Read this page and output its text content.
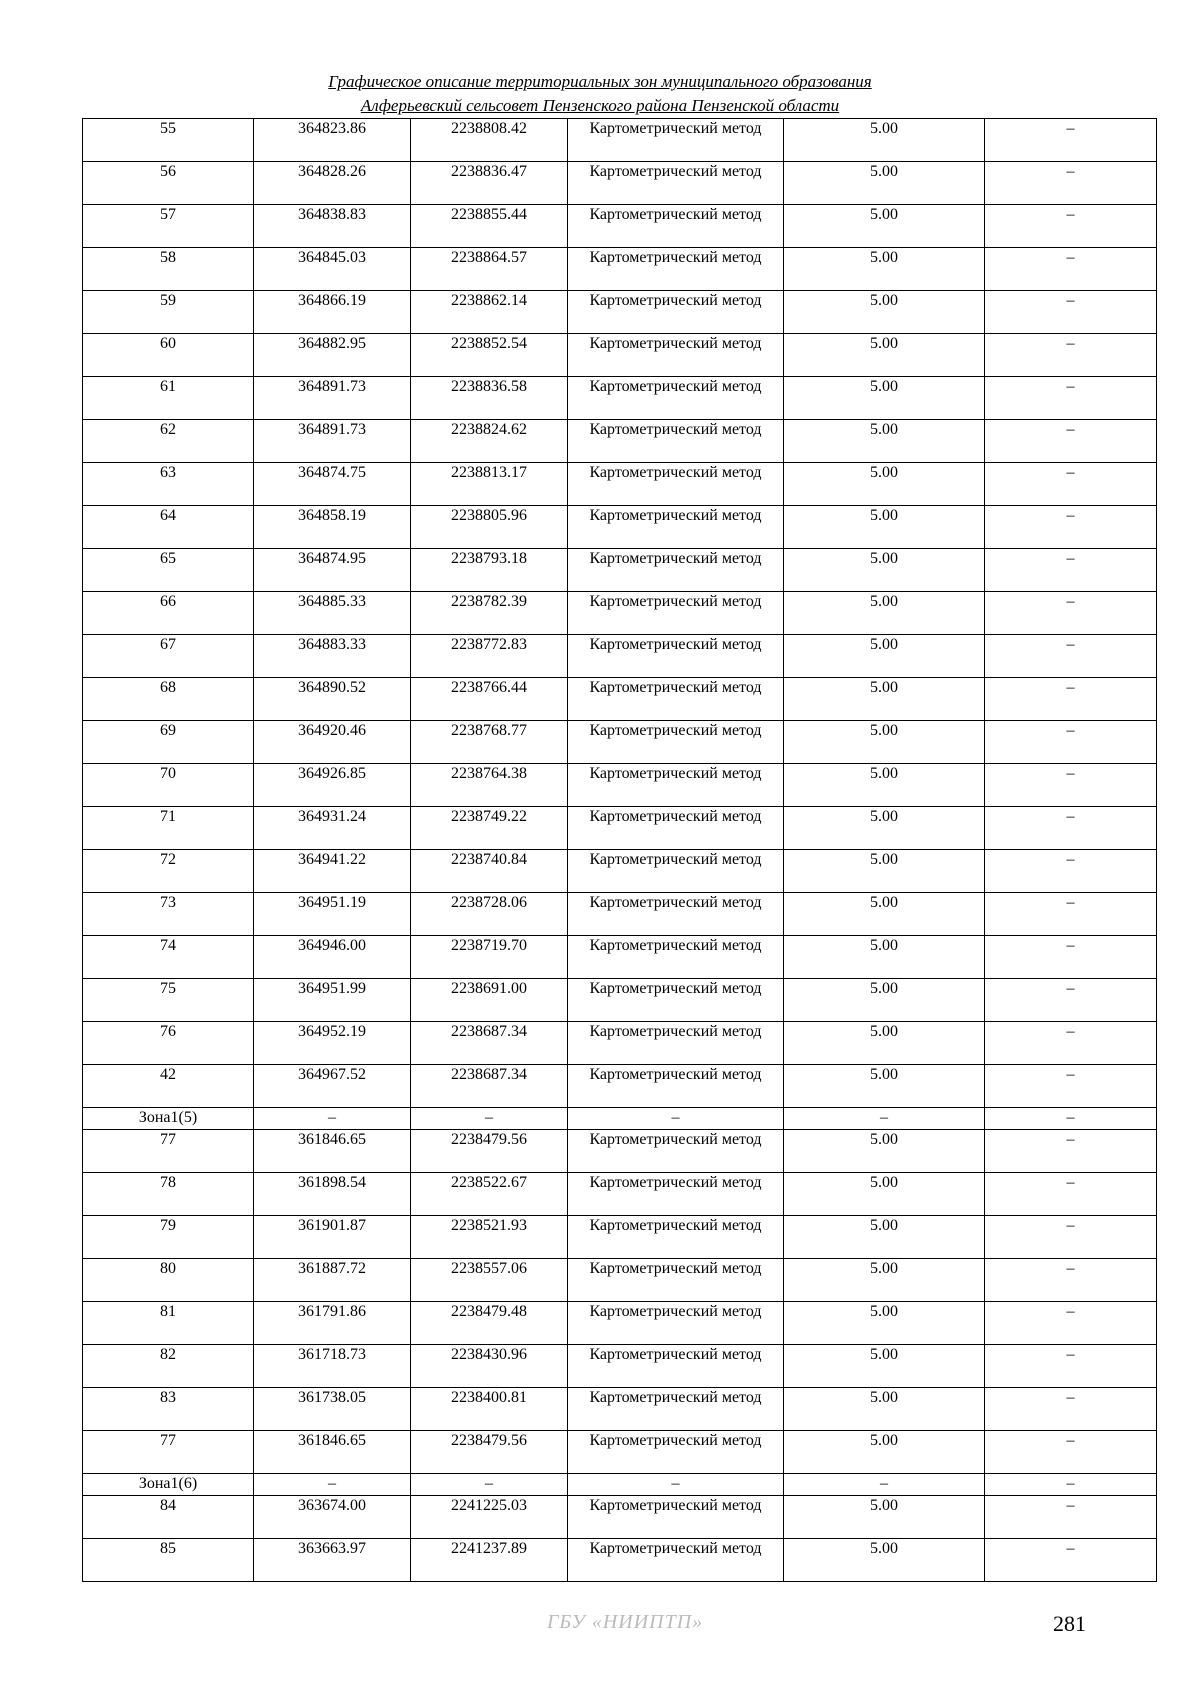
Графическое описание территориальных зон муниципального образования
Алферьевский сельсовет Пензенского района Пензенской области
55	364823.86	2238808.42	Картометрический метод	5.00	–
56	364828.26	2238836.47	Картометрический метод	5.00	–
57	364838.83	2238855.44	Картометрический метод	5.00	–
58	364845.03	2238864.57	Картометрический метод	5.00	–
59	364866.19	2238862.14	Картометрический метод	5.00	–
60	364882.95	2238852.54	Картометрический метод	5.00	–
61	364891.73	2238836.58	Картометрический метод	5.00	–
62	364891.73	2238824.62	Картометрический метод	5.00	–
63	364874.75	2238813.17	Картометрический метод	5.00	–
64	364858.19	2238805.96	Картометрический метод	5.00	–
65	364874.95	2238793.18	Картометрический метод	5.00	–
66	364885.33	2238782.39	Картометрический метод	5.00	–
67	364883.33	2238772.83	Картометрический метод	5.00	–
68	364890.52	2238766.44	Картометрический метод	5.00	–
69	364920.46	2238768.77	Картометрический метод	5.00	–
70	364926.85	2238764.38	Картометрический метод	5.00	–
71	364931.24	2238749.22	Картометрический метод	5.00	–
72	364941.22	2238740.84	Картометрический метод	5.00	–
73	364951.19	2238728.06	Картометрический метод	5.00	–
74	364946.00	2238719.70	Картометрический метод	5.00	–
75	364951.99	2238691.00	Картометрический метод	5.00	–
76	364952.19	2238687.34	Картометрический метод	5.00	–
42	364967.52	2238687.34	Картометрический метод	5.00	–
Зона1(5)	–	–	–	–	–
77	361846.65	2238479.56	Картометрический метод	5.00	–
78	361898.54	2238522.67	Картометрический метод	5.00	–
79	361901.87	2238521.93	Картометрический метод	5.00	–
80	361887.72	2238557.06	Картометрический метод	5.00	–
81	361791.86	2238479.48	Картометрический метод	5.00	–
82	361718.73	2238430.96	Картометрический метод	5.00	–
83	361738.05	2238400.81	Картометрический метод	5.00	–
77	361846.65	2238479.56	Картометрический метод	5.00	–
Зона1(6)	–	–	–	–	–
84	363674.00	2241225.03	Картометрический метод	5.00	–
85	363663.97	2241237.89	Картометрический метод	5.00	–
ГБУ «НИИПТП»	281
